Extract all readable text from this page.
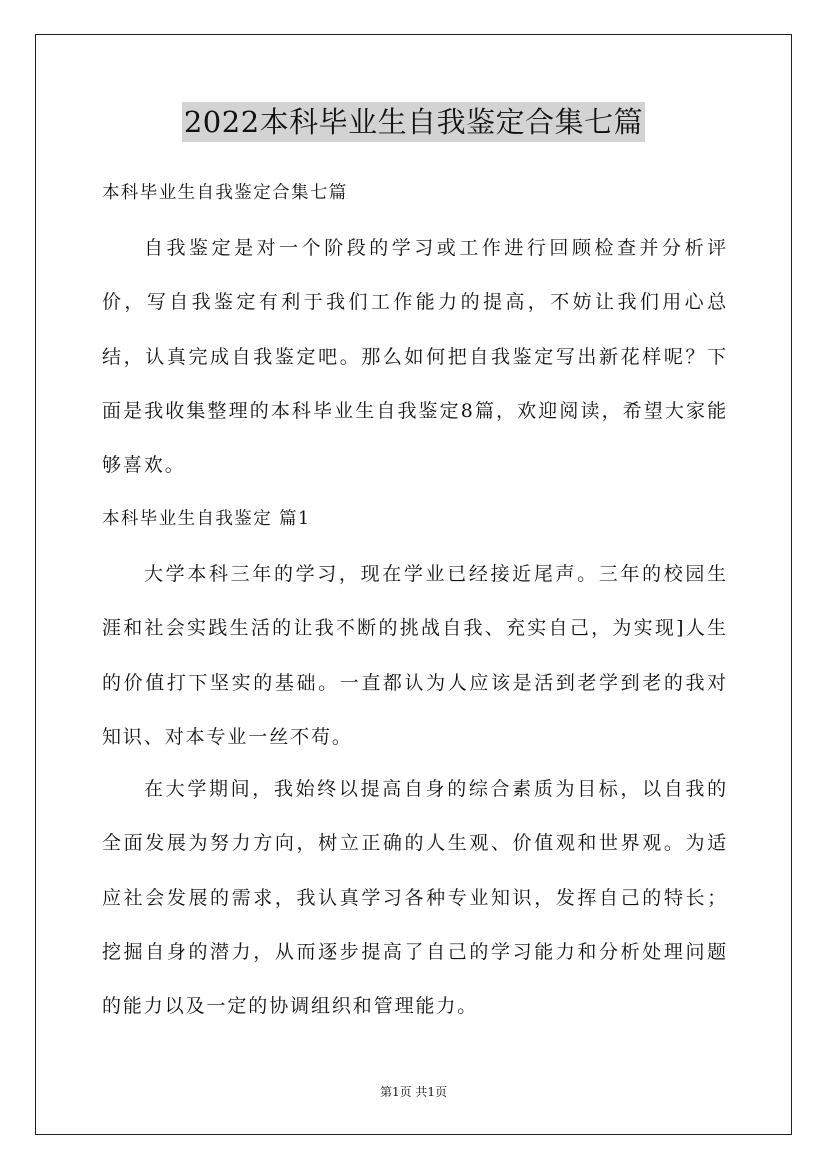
2022本科毕业生自我鉴定合集七篇

本科毕业生自我鉴定合集七篇

自我鉴定是对一个阶段的学习或工作进行回顾检查并分析评价，写自我鉴定有利于我们工作能力的提高，不妨让我们用心总结，认真完成自我鉴定吧。那么如何把自我鉴定写出新花样呢？下面是我收集整理的本科毕业生自我鉴定8篇，欢迎阅读，希望大家能够喜欢。

本科毕业生自我鉴定 篇1

大学本科三年的学习，现在学业已经接近尾声。三年的校园生涯和社会实践生活的让我不断的挑战自我、充实自己，为实现]人生的价值打下坚实的基础。一直都认为人应该是活到老学到老的我对知识、对本专业一丝不苟。

在大学期间，我始终以提高自身的综合素质为目标，以自我的全面发展为努力方向，树立正确的人生观、价值观和世界观。为适应社会发展的需求，我认真学习各种专业知识，发挥自己的特长；挖掘自身的潜力，从而逐步提高了自己的学习能力和分析处理问题的能力以及一定的协调组织和管理能力。

第1页 共1页
